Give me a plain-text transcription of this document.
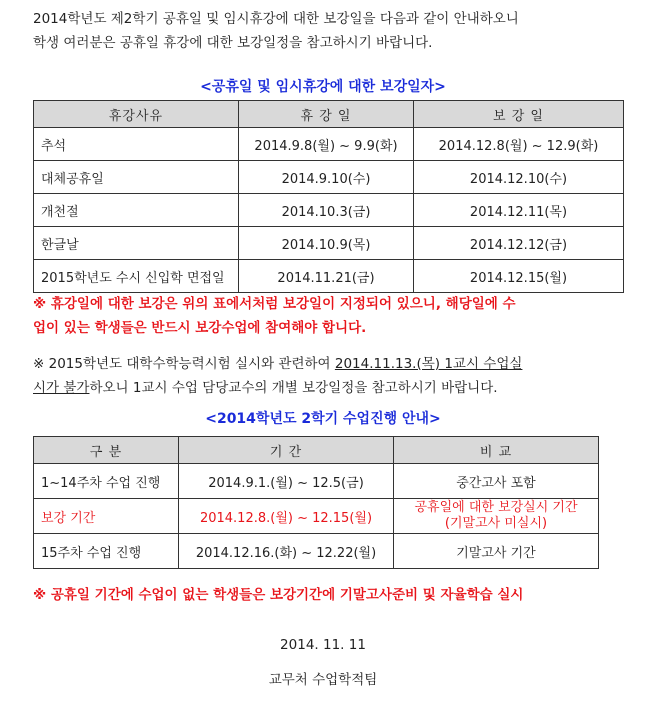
2014학년도 제2학기 공휴일 및 임시휴강에 대한 보강일을 다음과 같이 안내하오니
학생 여러분은 공휴일 휴강에 대한 보강일정을 참고하시기 바랍니다.
<공휴일 및 임시휴강에 대한 보강일자>
휴강사유	휴 강 일	보 강 일
추석	2014.9.8(월) ~ 9.9(화)	2014.12.8(월) ~ 12.9(화)
대체공휴일	2014.9.10(수)	2014.12.10(수)
개천절	2014.10.3(금)	2014.12.11(목)
한글날	2014.10.9(목)	2014.12.12(금)
2015학년도 수시 신입학 면접일	2014.11.21(금)	2014.12.15(월)
※ 휴강일에 대한 보강은 위의 표에서처럼 보강일이 지정되어 있으니, 해당일에 수
업이 있는 학생들은 반드시 보강수업에 참여해야 합니다.
※ 2015학년도 대학수학능력시험 실시와 관련하여 2014.11.13.(목) 1교시 수업실
시가 불가하오니 1교시 수업 담당교수의 개별 보강일정을 참고하시기 바랍니다.
<2014학년도 2학기 수업진행 안내>
구 분	기 간	비 교
1~14주차 수업 진행	2014.9.1.(월) ~ 12.5(금)	중간고사 포함

보강 기간	2014.12.8.(월) ~ 12.15(월)	공휴일에 대한 보강실시 기간
(기말고사 미실시)

15주차 수업 진행	2014.12.16.(화) ~ 12.22(월)	기말고사 기간
※ 공휴일 기간에 수업이 없는 학생들은 보강기간에 기말고사준비 및 자율학습 실시
2014. 11. 11
교무처 수업학적팀
